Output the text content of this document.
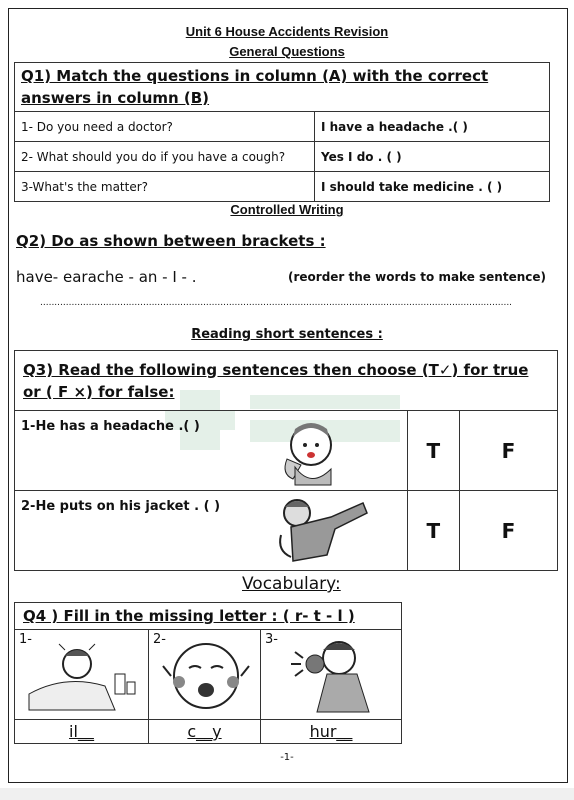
Unit 6 House Accidents Revision
General Questions
Q1) Match the questions in column (A) with the correct answers in column (B)	
1- Do you need a doctor?	I have a headache .( )
2- What should you do if you have a cough?	Yes I do . ( )
3-What's the matter?	I should take medicine . ( )
Controlled Writing
Q2) Do as shown between brackets :
have- earache - an - I - .	(reorder the words to make sentence)
.....................................................................................................................................................................
Reading short sentences :
Q3) Read the following sentences then choose (T✓) for true or ( F ×) for false:		
1-He has a headache .( )	T	F
2-He puts on his jacket . ( )	T	F
Vocabulary:
Q4 ) Fill in the missing letter : ( r- t - l )		
1-	2-	3-

il__	c__y	hur__
-1-
